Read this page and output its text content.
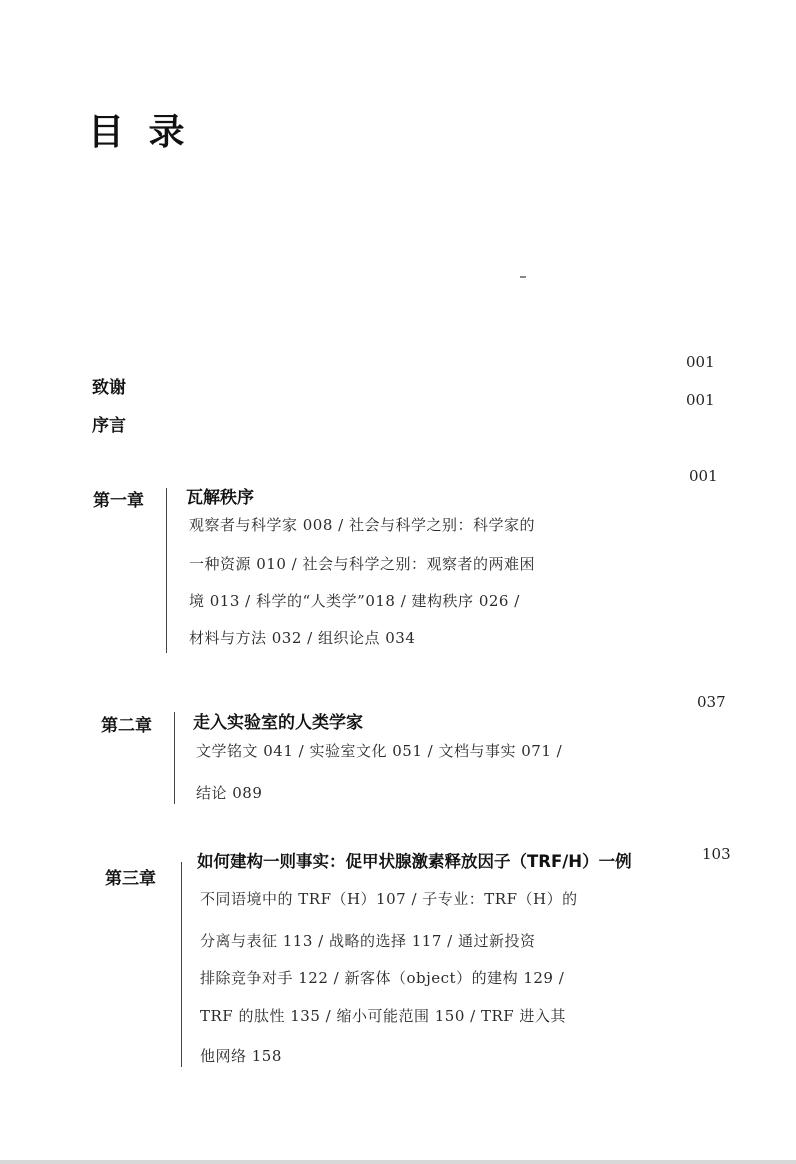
目 录
致谢
001
序言
001
第一章 瓦解秩序
001
观察者与科学家 008 / 社会与科学之别：科学家的
一种资源 010 / 社会与科学之别：观察者的两难困
境 013 / 科学的“人类学”018 / 建构秩序 026 /
材料与方法 032 / 组织论点 034
第二章 走入实验室的人类学家
037
文学铭文 041 / 实验室文化 051 / 文档与事实 071 /
结论 089
第三章
如何建构一则事实：促甲状腺激素释放因子（TRF/H）一例	103
不同语境中的 TRF（H）107 / 子专业：TRF（H）的
分离与表征 113 / 战略的选择 117 / 通过新投资
排除竞争对手 122 / 新客体（object）的建构 129 /
TRF 的肽性 135 / 缩小可能范围 150 / TRF 进入其
他网络 158
